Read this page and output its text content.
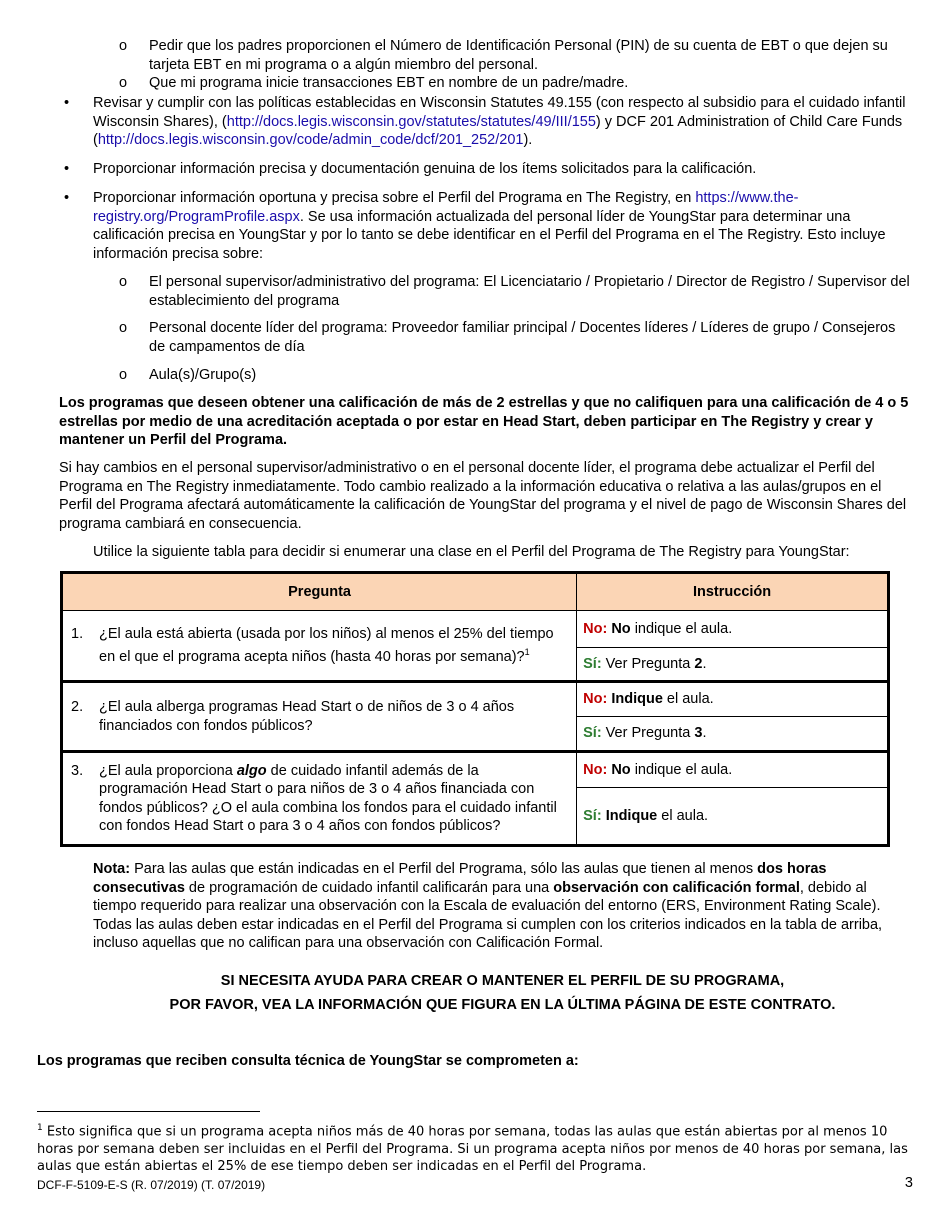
o Pedir que los padres proporcionen el Número de Identificación Personal (PIN) de su cuenta de EBT o que dejen su tarjeta EBT en mi programa o a algún miembro del personal.
o Que mi programa inicie transacciones EBT en nombre de un padre/madre.
• Revisar y cumplir con las políticas establecidas en Wisconsin Statutes 49.155 (con respecto al subsidio para el cuidado infantil Wisconsin Shares), (http://docs.legis.wisconsin.gov/statutes/statutes/49/III/155) y DCF 201 Administration of Child Care Funds (http://docs.legis.wisconsin.gov/code/admin_code/dcf/201_252/201).
• Proporcionar información precisa y documentación genuina de los ítems solicitados para la calificación.
• Proporcionar información oportuna y precisa sobre el Perfil del Programa en The Registry, en https://www.the-registry.org/ProgramProfile.aspx. Se usa información actualizada del personal líder de YoungStar para determinar una calificación precisa en YoungStar y por lo tanto se debe identificar en el Perfil del Programa en el The Registry. Esto incluye información precisa sobre:
o El personal supervisor/administrativo del programa: El Licenciatario / Propietario / Director de Registro / Supervisor del establecimiento del programa
o Personal docente líder del programa: Proveedor familiar principal / Docentes líderes / Líderes de grupo / Consejeros de campamentos de día
o Aula(s)/Grupo(s)
Los programas que deseen obtener una calificación de más de 2 estrellas y que no califiquen para una calificación de 4 o 5 estrellas por medio de una acreditación aceptada o por estar en Head Start, deben participar en The Registry y crear y mantener un Perfil del Programa.
Si hay cambios en el personal supervisor/administrativo o en el personal docente líder, el programa debe actualizar el Perfil del Programa en The Registry inmediatamente. Todo cambio realizado a la información educativa o relativa a las aulas/grupos en el Perfil del Programa afectará automáticamente la calificación de YoungStar del programa y el nivel de pago de Wisconsin Shares del programa cambiará en consecuencia.
Utilice la siguiente tabla para decidir si enumerar una clase en el Perfil del Programa de The Registry para YoungStar:
Pregunta	Instrucción

1. ¿El aula está abierta (usada por los niños) al menos el 25% del tiempo en el que el programa acepta niños (hasta 40 horas por semana)?$^1$	No: No indique el aula.
	Sí: Ver Pregunta 2.

2. ¿El aula alberga programas Head Start o de niños de 3 o 4 años financiados con fondos públicos?	No: Indique el aula.
	Sí: Ver Pregunta 3.

3. ¿El aula proporciona algo de cuidado infantil además de la programación Head Start o para niños de 3 o 4 años financiada con fondos públicos? ¿O el aula combina los fondos para el cuidado infantil con fondos Head Start o para 3 o 4 años con fondos públicos?	No: No indique el aula.
	Sí: Indique el aula.
Nota: Para las aulas que están indicadas en el Perfil del Programa, sólo las aulas que tienen al menos dos horas consecutivas de programación de cuidado infantil calificarán para una observación con calificación formal, debido al tiempo requerido para realizar una observación con la Escala de evaluación del entorno (ERS, Environment Rating Scale). Todas las aulas deben estar indicadas en el Perfil del Programa si cumplen con los criterios indicados en la tabla de arriba, incluso aquellas que no califican para una observación con Calificación Formal.
SI NECESITA AYUDA PARA CREAR O MANTENER EL PERFIL DE SU PROGRAMA,
POR FAVOR, VEA LA INFORMACIÓN QUE FIGURA EN LA ÚLTIMA PÁGINA DE ESTE CONTRATO.
Los programas que reciben consulta técnica de YoungStar se comprometen a:
$^1$ Esto significa que si un programa acepta niños más de 40 horas por semana, todas las aulas que están abiertas por al menos 10 horas por semana deben ser incluidas en el Perfil del Programa. Si un programa acepta niños por menos de 40 horas por semana, las aulas que están abiertas el 25% de ese tiempo deben ser indicadas en el Perfil del Programa.
DCF-F-5109-E-S (R. 07/2019) (T. 07/2019)	3
